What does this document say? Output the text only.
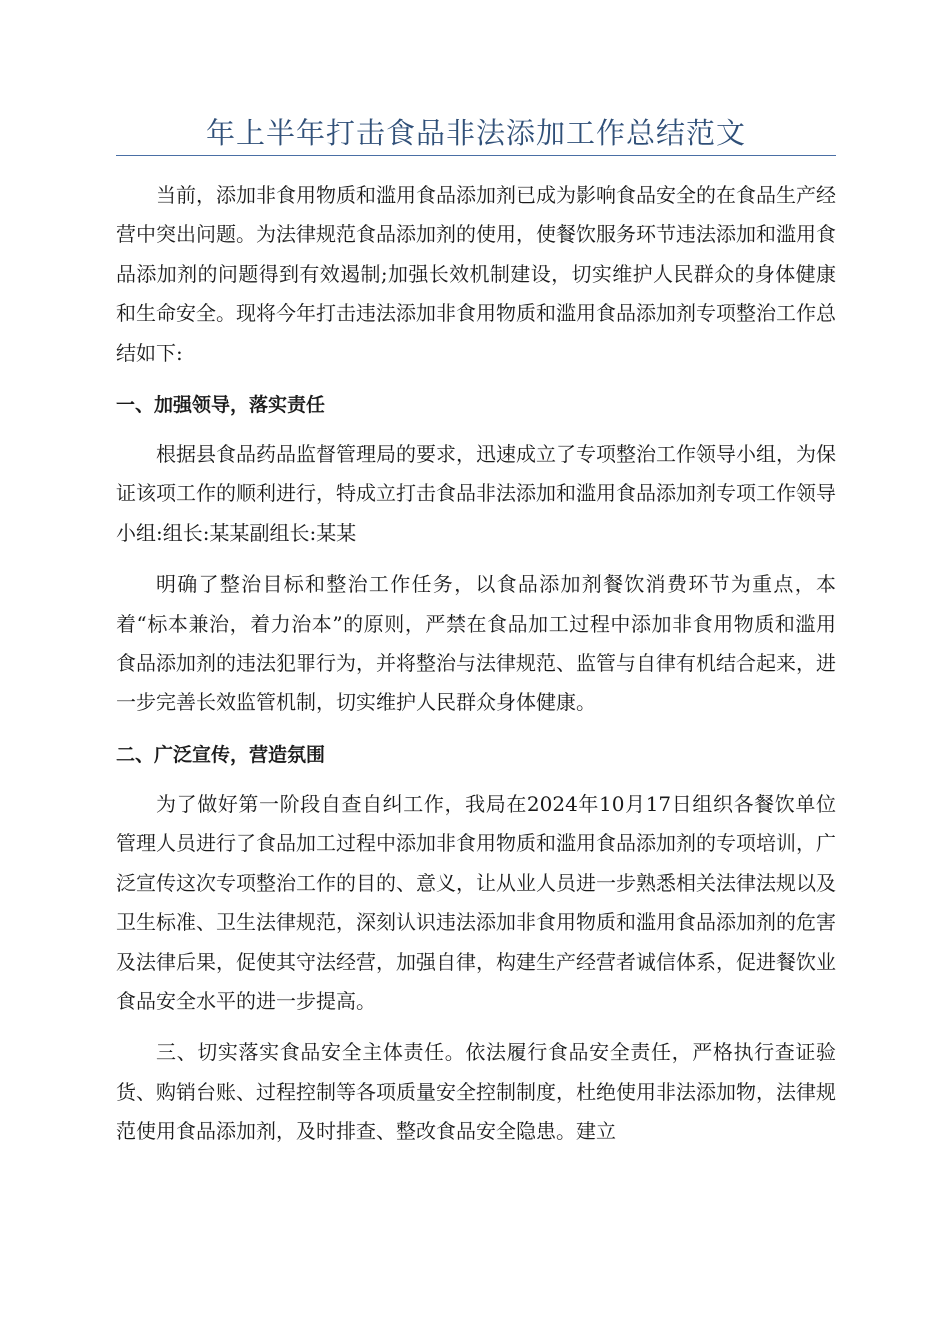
年上半年打击食品非法添加工作总结范文

当前，添加非食用物质和滥用食品添加剂已成为影响食品安全的在食品生产经营中突出问题。为法律规范食品添加剂的使用，使餐饮服务环节违法添加和滥用食品添加剂的问题得到有效遏制;加强长效机制建设，切实维护人民群众的身体健康和生命安全。现将今年打击违法添加非食用物质和滥用食品添加剂专项整治工作总结如下:

一、加强领导，落实责任

根据县食品药品监督管理局的要求，迅速成立了专项整治工作领导小组，为保证该项工作的顺利进行，特成立打击食品非法添加和滥用食品添加剂专项工作领导小组:组长:某某副组长:某某

明确了整治目标和整治工作任务，以食品添加剂餐饮消费环节为重点，本着“标本兼治，着力治本”的原则，严禁在食品加工过程中添加非食用物质和滥用食品添加剂的违法犯罪行为，并将整治与法律规范、监管与自律有机结合起来，进一步完善长效监管机制，切实维护人民群众身体健康。

二、广泛宣传，营造氛围

为了做好第一阶段自查自纠工作，我局在2024年10月17日组织各餐饮单位管理人员进行了食品加工过程中添加非食用物质和滥用食品添加剂的专项培训，广泛宣传这次专项整治工作的目的、意义，让从业人员进一步熟悉相关法律法规以及卫生标准、卫生法律规范，深刻认识违法添加非食用物质和滥用食品添加剂的危害及法律后果，促使其守法经营，加强自律，构建生产经营者诚信体系，促进餐饮业食品安全水平的进一步提高。

三、切实落实食品安全主体责任。依法履行食品安全责任，严格执行查证验货、购销台账、过程控制等各项质量安全控制制度，杜绝使用非法添加物，法律规范使用食品添加剂，及时排查、整改食品安全隐患。建立
